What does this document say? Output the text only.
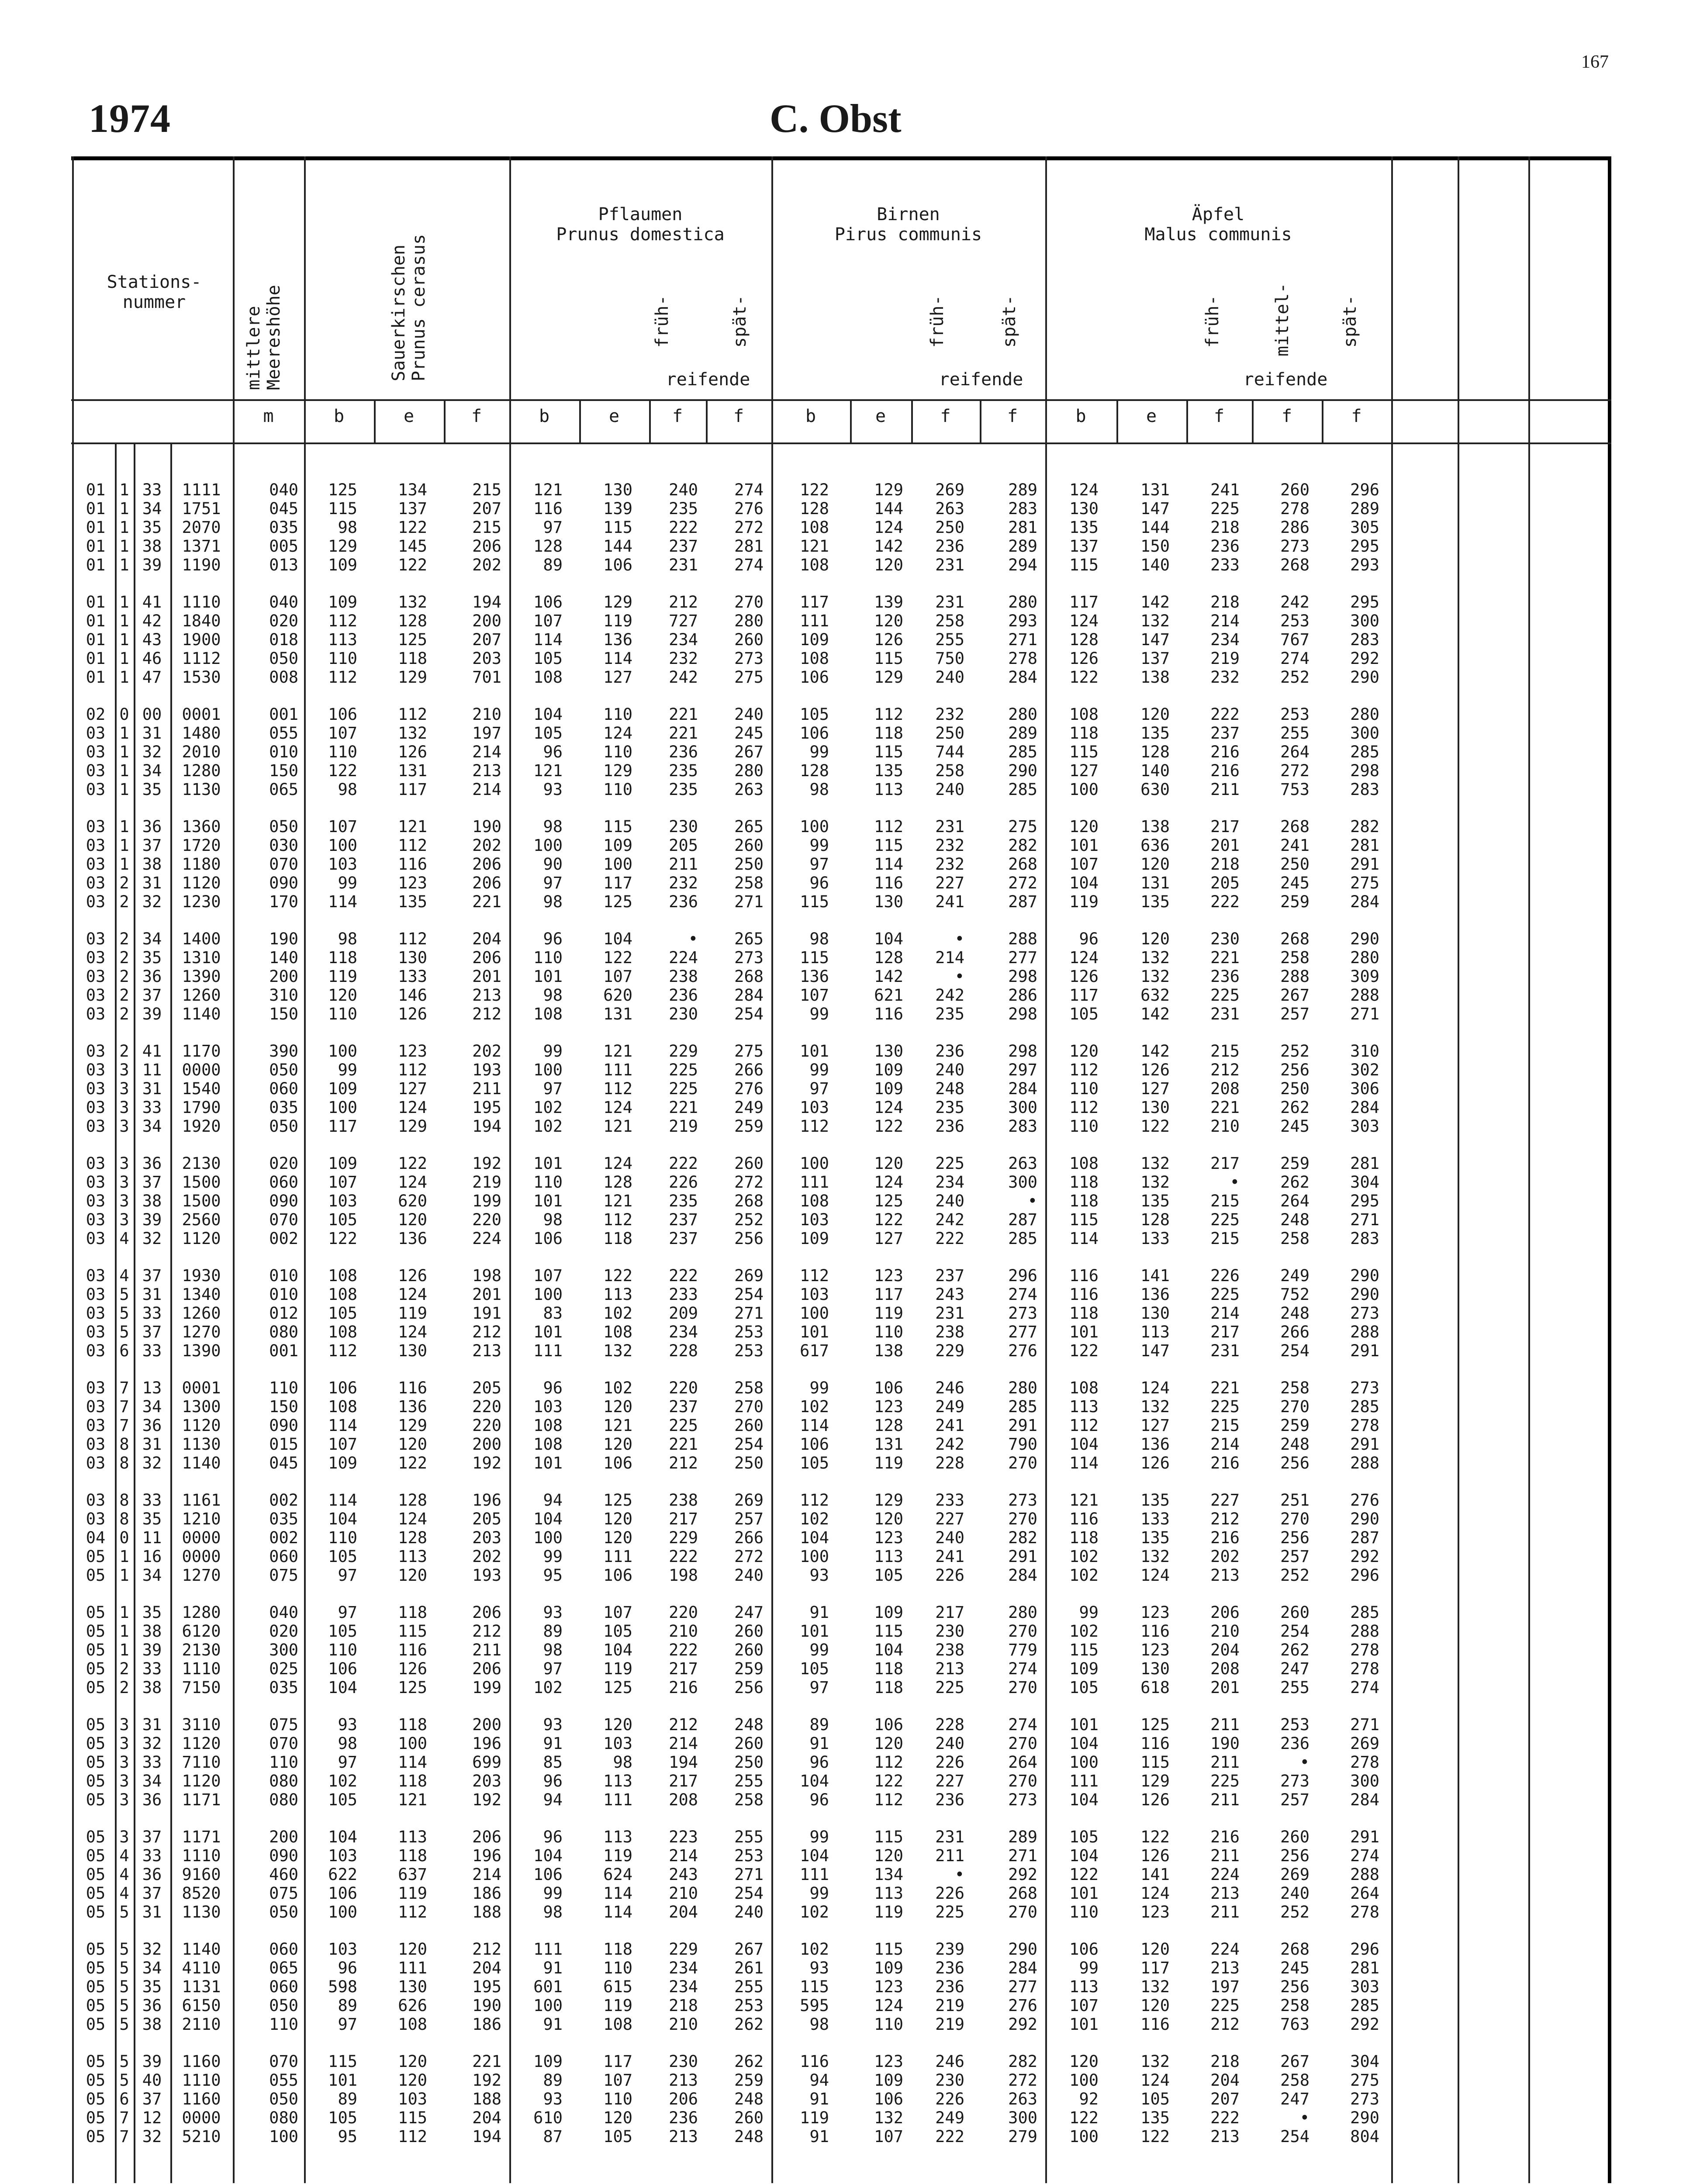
167
1974	C. Obst
Stations-
nummer
mittlere
Meereshöhe	Sauerkirschen
Prunus cerasus
Pflaumen
Prunus domestica
früh-	spät-
reifende
Birnen
Pirus communis
früh-	spät-
reifende
Äpfel
Malus communis
früh-	mittel-	spät-
reifende
m	b	e	f	b	e	f	f	b	e	f	f	b	e	f	f	f
01 1 33	1111	040	125	134	215	121	130	240	274	122	129	269	289	124	131	241	260	296
01 1 34	1751	045	115	137	207	116	139	235	276	128	144	263	283	130	147	225	278	289
01 1 35	2070	035	98	122	215	97	115	222	272	108	124	250	281	135	144	218	286	305
01 1 38	1371	005	129	145	206	128	144	237	281	121	142	236	289	137	150	236	273	295
01 1 39	1190	013	109	122	202	89	106	231	274	108	120	231	294	115	140	233	268	293
01 1 41	1110	040	109	132	194	106	129	212	270	117	139	231	280	117	142	218	242	295
01 1 42	1840	020	112	128	200	107	119	727	280	111	120	258	293	124	132	214	253	300
01 1 43	1900	018	113	125	207	114	136	234	260	109	126	255	271	128	147	234	767	283
01 1 46	1112	050	110	118	203	105	114	232	273	108	115	750	278	126	137	219	274	292
01 1 47	1530	008	112	129	701	108	127	242	275	106	129	240	284	122	138	232	252	290
02 0 00	0001	001	106	112	210	104	110	221	240	105	112	232	280	108	120	222	253	280
03 1 31	1480	055	107	132	197	105	124	221	245	106	118	250	289	118	135	237	255	300
03 1 32	2010	010	110	126	214	96	110	236	267	99	115	744	285	115	128	216	264	285
03 1 34	1280	150	122	131	213	121	129	235	280	128	135	258	290	127	140	216	272	298
03 1 35	1130	065	98	117	214	93	110	235	263	98	113	240	285	100	630	211	753	283
03 1 36	1360	050	107	121	190	98	115	230	265	100	112	231	275	120	138	217	268	282
03 1 37	1720	030	100	112	202	100	109	205	260	99	115	232	282	101	636	201	241	281
03 1 38	1180	070	103	116	206	90	100	211	250	97	114	232	268	107	120	218	250	291
03 2 31	1120	090	99	123	206	97	117	232	258	96	116	227	272	104	131	205	245	275
03 2 32	1230	170	114	135	221	98	125	236	271	115	130	241	287	119	135	222	259	284
03 2 34	1400	190	98	112	204	96	104	•	265	98	104	•	288	96	120	230	268	290
03 2 35	1310	140	118	130	206	110	122	224	273	115	128	214	277	124	132	221	258	280
03 2 36	1390	200	119	133	201	101	107	238	268	136	142	•	298	126	132	236	288	309
03 2 37	1260	310	120	146	213	98	620	236	284	107	621	242	286	117	632	225	267	288
03 2 39	1140	150	110	126	212	108	131	230	254	99	116	235	298	105	142	231	257	271
03 2 41	1170	390	100	123	202	99	121	229	275	101	130	236	298	120	142	215	252	310
03 3 11	0000	050	99	112	193	100	111	225	266	99	109	240	297	112	126	212	256	302
03 3 31	1540	060	109	127	211	97	112	225	276	97	109	248	284	110	127	208	250	306
03 3 33	1790	035	100	124	195	102	124	221	249	103	124	235	300	112	130	221	262	284
03 3 34	1920	050	117	129	194	102	121	219	259	112	122	236	283	110	122	210	245	303
03 3 36	2130	020	109	122	192	101	124	222	260	100	120	225	263	108	132	217	259	281
03 3 37	1500	060	107	124	219	110	128	226	272	111	124	234	300	118	132	•	262	304
03 3 38	1500	090	103	620	199	101	121	235	268	108	125	240	•	118	135	215	264	295
03 3 39	2560	070	105	120	220	98	112	237	252	103	122	242	287	115	128	225	248	271
03 4 32	1120	002	122	136	224	106	118	237	256	109	127	222	285	114	133	215	258	283
03 4 37	1930	010	108	126	198	107	122	222	269	112	123	237	296	116	141	226	249	290
03 5 31	1340	010	108	124	201	100	113	233	254	103	117	243	274	116	136	225	752	290
03 5 33	1260	012	105	119	191	83	102	209	271	100	119	231	273	118	130	214	248	273
03 5 37	1270	080	108	124	212	101	108	234	253	101	110	238	277	101	113	217	266	288
03 6 33	1390	001	112	130	213	111	132	228	253	617	138	229	276	122	147	231	254	291
03 7 13	0001	110	106	116	205	96	102	220	258	99	106	246	280	108	124	221	258	273
03 7 34	1300	150	108	136	220	103	120	237	270	102	123	249	285	113	132	225	270	285
03 7 36	1120	090	114	129	220	108	121	225	260	114	128	241	291	112	127	215	259	278
03 8 31	1130	015	107	120	200	108	120	221	254	106	131	242	790	104	136	214	248	291
03 8 32	1140	045	109	122	192	101	106	212	250	105	119	228	270	114	126	216	256	288
03 8 33	1161	002	114	128	196	94	125	238	269	112	129	233	273	121	135	227	251	276
03 8 35	1210	035	104	124	205	104	120	217	257	102	120	227	270	116	133	212	270	290
04 0 11	0000	002	110	128	203	100	120	229	266	104	123	240	282	118	135	216	256	287
05 1 16	0000	060	105	113	202	99	111	222	272	100	113	241	291	102	132	202	257	292
05 1 34	1270	075	97	120	193	95	106	198	240	93	105	226	284	102	124	213	252	296
05 1 35	1280	040	97	118	206	93	107	220	247	91	109	217	280	99	123	206	260	285
05 1 38	6120	020	105	115	212	89	105	210	260	101	115	230	270	102	116	210	254	288
05 1 39	2130	300	110	116	211	98	104	222	260	99	104	238	779	115	123	204	262	278
05 2 33	1110	025	106	126	206	97	119	217	259	105	118	213	274	109	130	208	247	278
05 2 38	7150	035	104	125	199	102	125	216	256	97	118	225	270	105	618	201	255	274
05 3 31	3110	075	93	118	200	93	120	212	248	89	106	228	274	101	125	211	253	271
05 3 32	1120	070	98	100	196	91	103	214	260	91	120	240	270	104	116	190	236	269
05 3 33	7110	110	97	114	699	85	98	194	250	96	112	226	264	100	115	211	•	278
05 3 34	1120	080	102	118	203	96	113	217	255	104	122	227	270	111	129	225	273	300
05 3 36	1171	080	105	121	192	94	111	208	258	96	112	236	273	104	126	211	257	284
05 3 37	1171	200	104	113	206	96	113	223	255	99	115	231	289	105	122	216	260	291
05 4 33	1110	090	103	118	196	104	119	214	253	104	120	211	271	104	126	211	256	274
05 4 36	9160	460	622	637	214	106	624	243	271	111	134	•	292	122	141	224	269	288
05 4 37	8520	075	106	119	186	99	114	210	254	99	113	226	268	101	124	213	240	264
05 5 31	1130	050	100	112	188	98	114	204	240	102	119	225	270	110	123	211	252	278
05 5 32	1140	060	103	120	212	111	118	229	267	102	115	239	290	106	120	224	268	296
05 5 34	4110	065	96	111	204	91	110	234	261	93	109	236	284	99	117	213	245	281
05 5 35	1131	060	598	130	195	601	615	234	255	115	123	236	277	113	132	197	256	303
05 5 36	6150	050	89	626	190	100	119	218	253	595	124	219	276	107	120	225	258	285
05 5 38	2110	110	97	108	186	91	108	210	262	98	110	219	292	101	116	212	763	292
05 5 39	1160	070	115	120	221	109	117	230	262	116	123	246	282	120	132	218	267	304
05 5 40	1110	055	101	120	192	89	107	213	259	94	109	230	272	100	124	204	258	275
05 6 37	1160	050	89	103	188	93	110	206	248	91	106	226	263	92	105	207	247	273
05 7 12	0000	080	105	115	204	610	120	236	260	119	132	249	300	122	135	222	•	290
05 7 32	5210	100	95	112	194	87	105	213	248	91	107	222	279	100	122	213	254	804
